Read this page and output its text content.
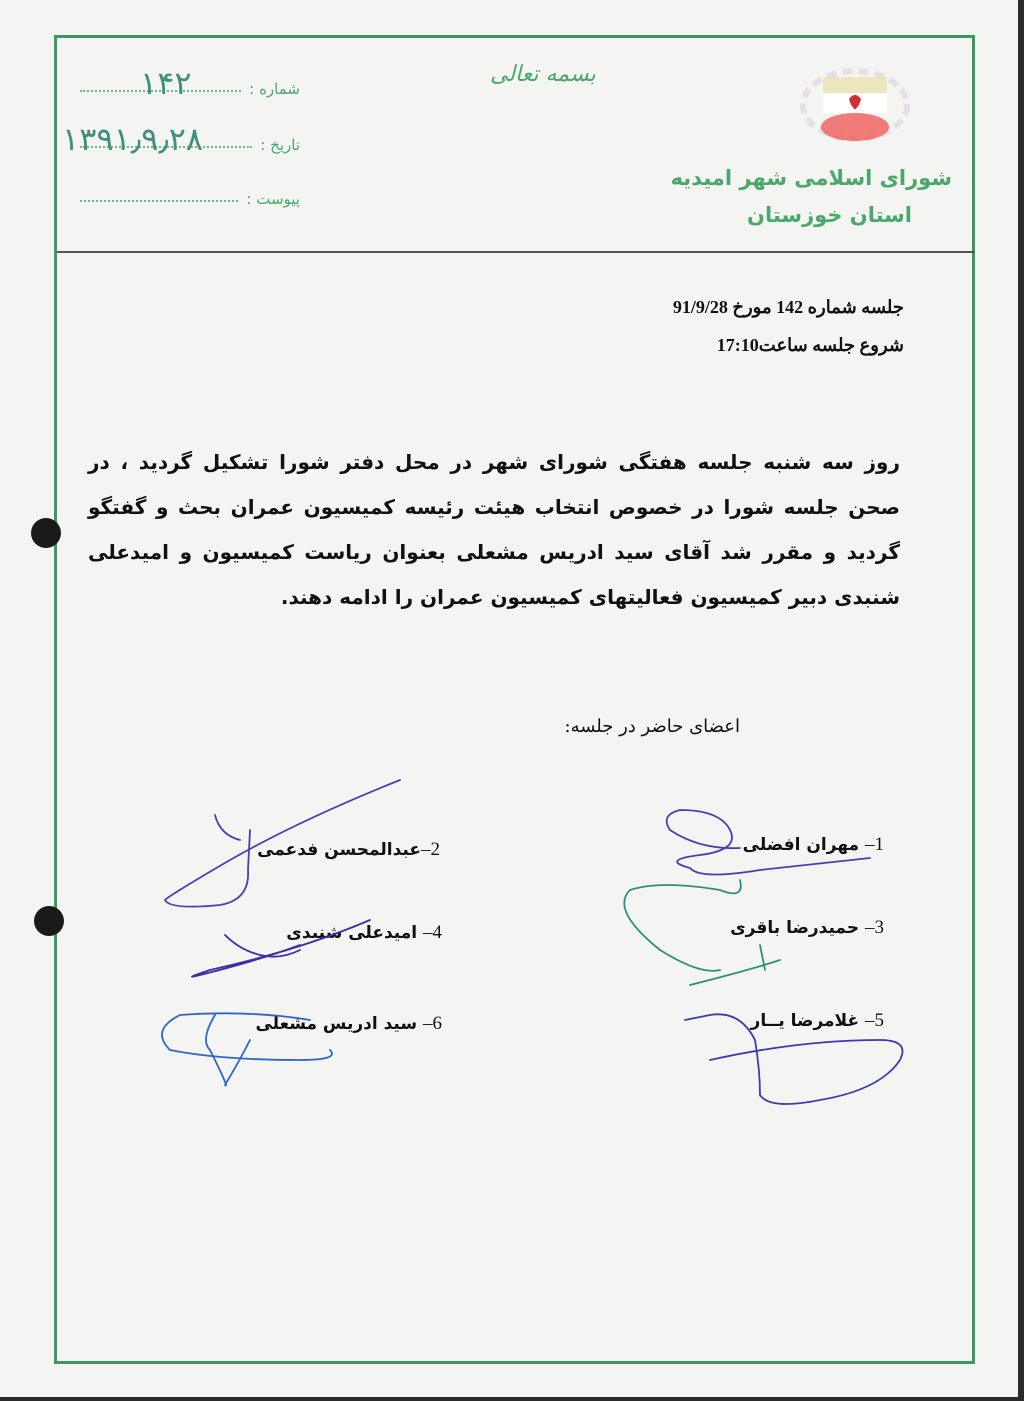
شورای اسلامی شهر امیدیه
استان خوزستان
بسمه تعالی
شماره :
۱۴۲
تاریخ :
۱۳۹۱٫۹٫۲۸
پیوست :
جلسه شماره 142 مورخ 91/9/28
شروع جلسه ساعت17:10
روز سه شنبه جلسه هفتگی شورای شهر در محل دفتر شورا تشکیل گردید ، در صحن جلسه شورا در خصوص انتخاب هیئت رئیسه کمیسیون عمران بحث و گفتگو گردید و مقرر شد آقای سید ادریس مشعلی بعنوان ریاست کمیسیون و امیدعلی شنبدی دبیر کمیسیون فعالیتهای کمیسیون عمران را ادامه دهند.
اعضای حاضر در جلسه:
1– مهران افضلی
2–عبدالمحسن فدعمی
3– حمیدرضا باقری
4– امیدعلی شنبدی
5– غلامرضا یــار
6– سید ادریس مشعلی
